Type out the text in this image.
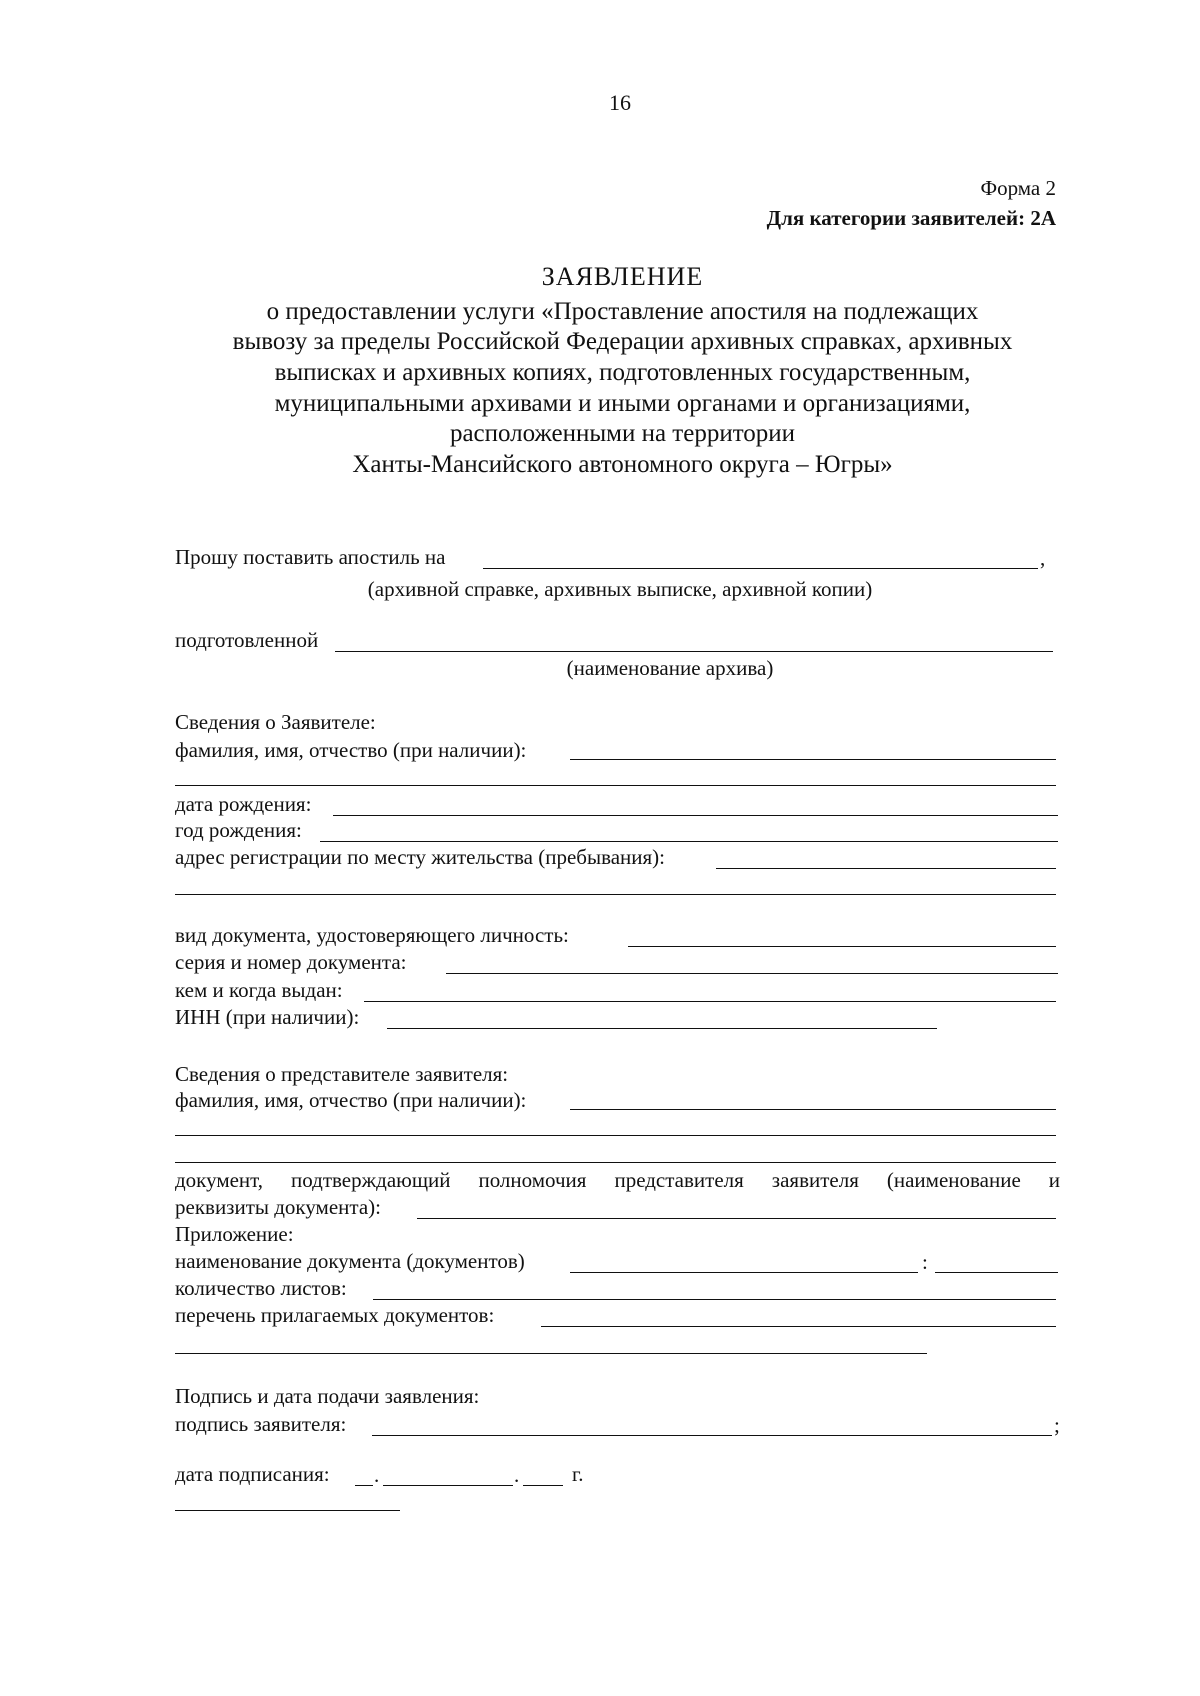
16
Форма 2
Для категории заявителей: 2А
ЗАЯВЛЕНИЕ
о предоставлении услуги «Проставление апостиля на подлежащих
вывозу за пределы Российской Федерации архивных справках, архивных
выписках и архивных копиях, подготовленных государственным,
муниципальными архивами и иными органами и организациями,
расположенными на территории
Ханты-Мансийского автономного округа – Югры»
Прошу поставить апостиль на	,
(архивной справке, архивных выписке, архивной копии)
подготовленной
(наименование архива)
Сведения о Заявителе:
фамилия, имя, отчество (при наличии):
дата рождения:
год рождения:
адрес регистрации по месту жительства (пребывания):
вид документа, удостоверяющего личность:
серия и номер документа:
кем и когда выдан:
ИНН (при наличии):
Сведения о представителе заявителя:
фамилия, имя, отчество (при наличии):
документ, подтверждающий полномочия представителя заявителя (наименование и
реквизиты документа):
Приложение:
наименование документа (документов)	:
количество листов:
перечень прилагаемых документов:
Подпись и дата подачи заявления:
подпись заявителя:	;
дата подписания: .	.	г.
